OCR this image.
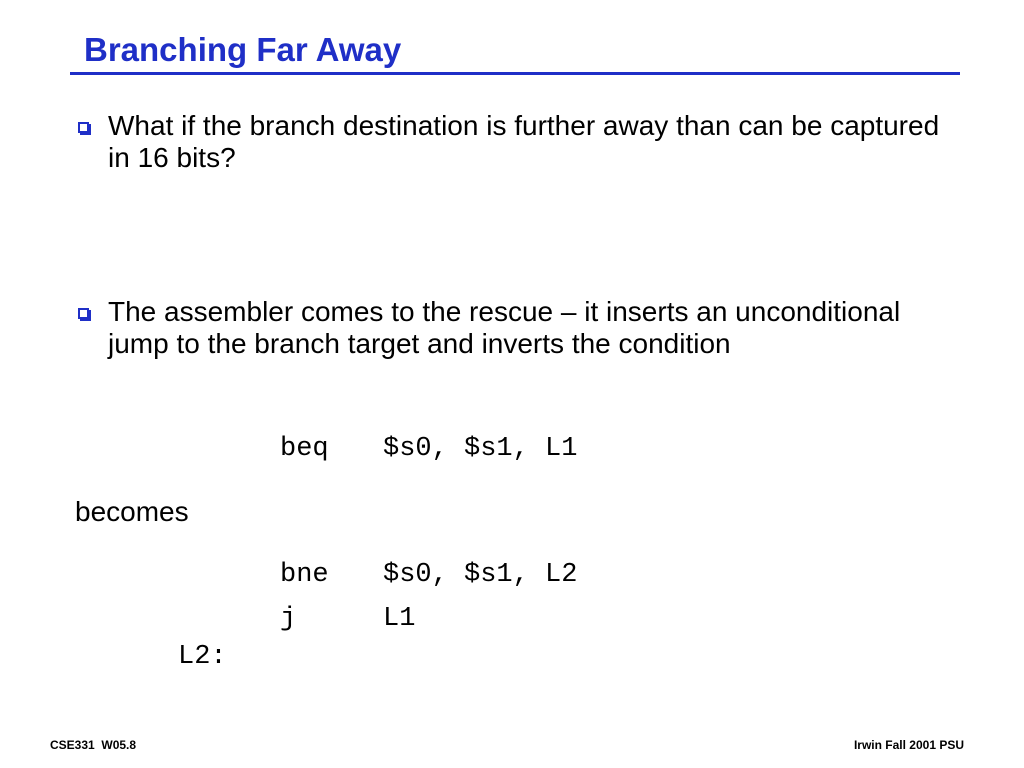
Branching Far Away
What if the branch destination is further away than can be captured in 16 bits?
The assembler comes to the rescue – it inserts an unconditional jump to the branch target and inverts the condition
beq $s0, $s1, L1
becomes
bne $s0, $s1, L2
j	L1
L2:
CSE331  W05.8	Irwin Fall 2001 PSU
